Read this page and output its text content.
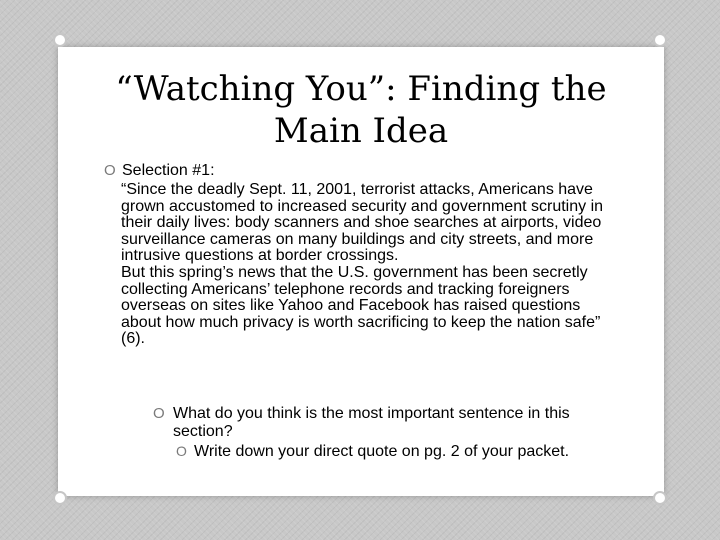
“Watching You”: Finding the
Main Idea
O Selection #1:

“Since the deadly Sept. 11, 2001, terrorist attacks, Americans have grown accustomed to increased security and government scrutiny in their daily lives: body scanners and shoe searches at airports, video surveillance cameras on many buildings and city streets, and more intrusive questions at border crossings.

But this spring’s news that the U.S. government has been secretly collecting Americans’ telephone records and tracking foreigners overseas on sites like Yahoo and Facebook has raised questions about how much privacy is worth sacrificing to keep the nation safe” (6).

O What do you think is the most important sentence in this section?
O Write down your direct quote on pg. 2 of your packet.
